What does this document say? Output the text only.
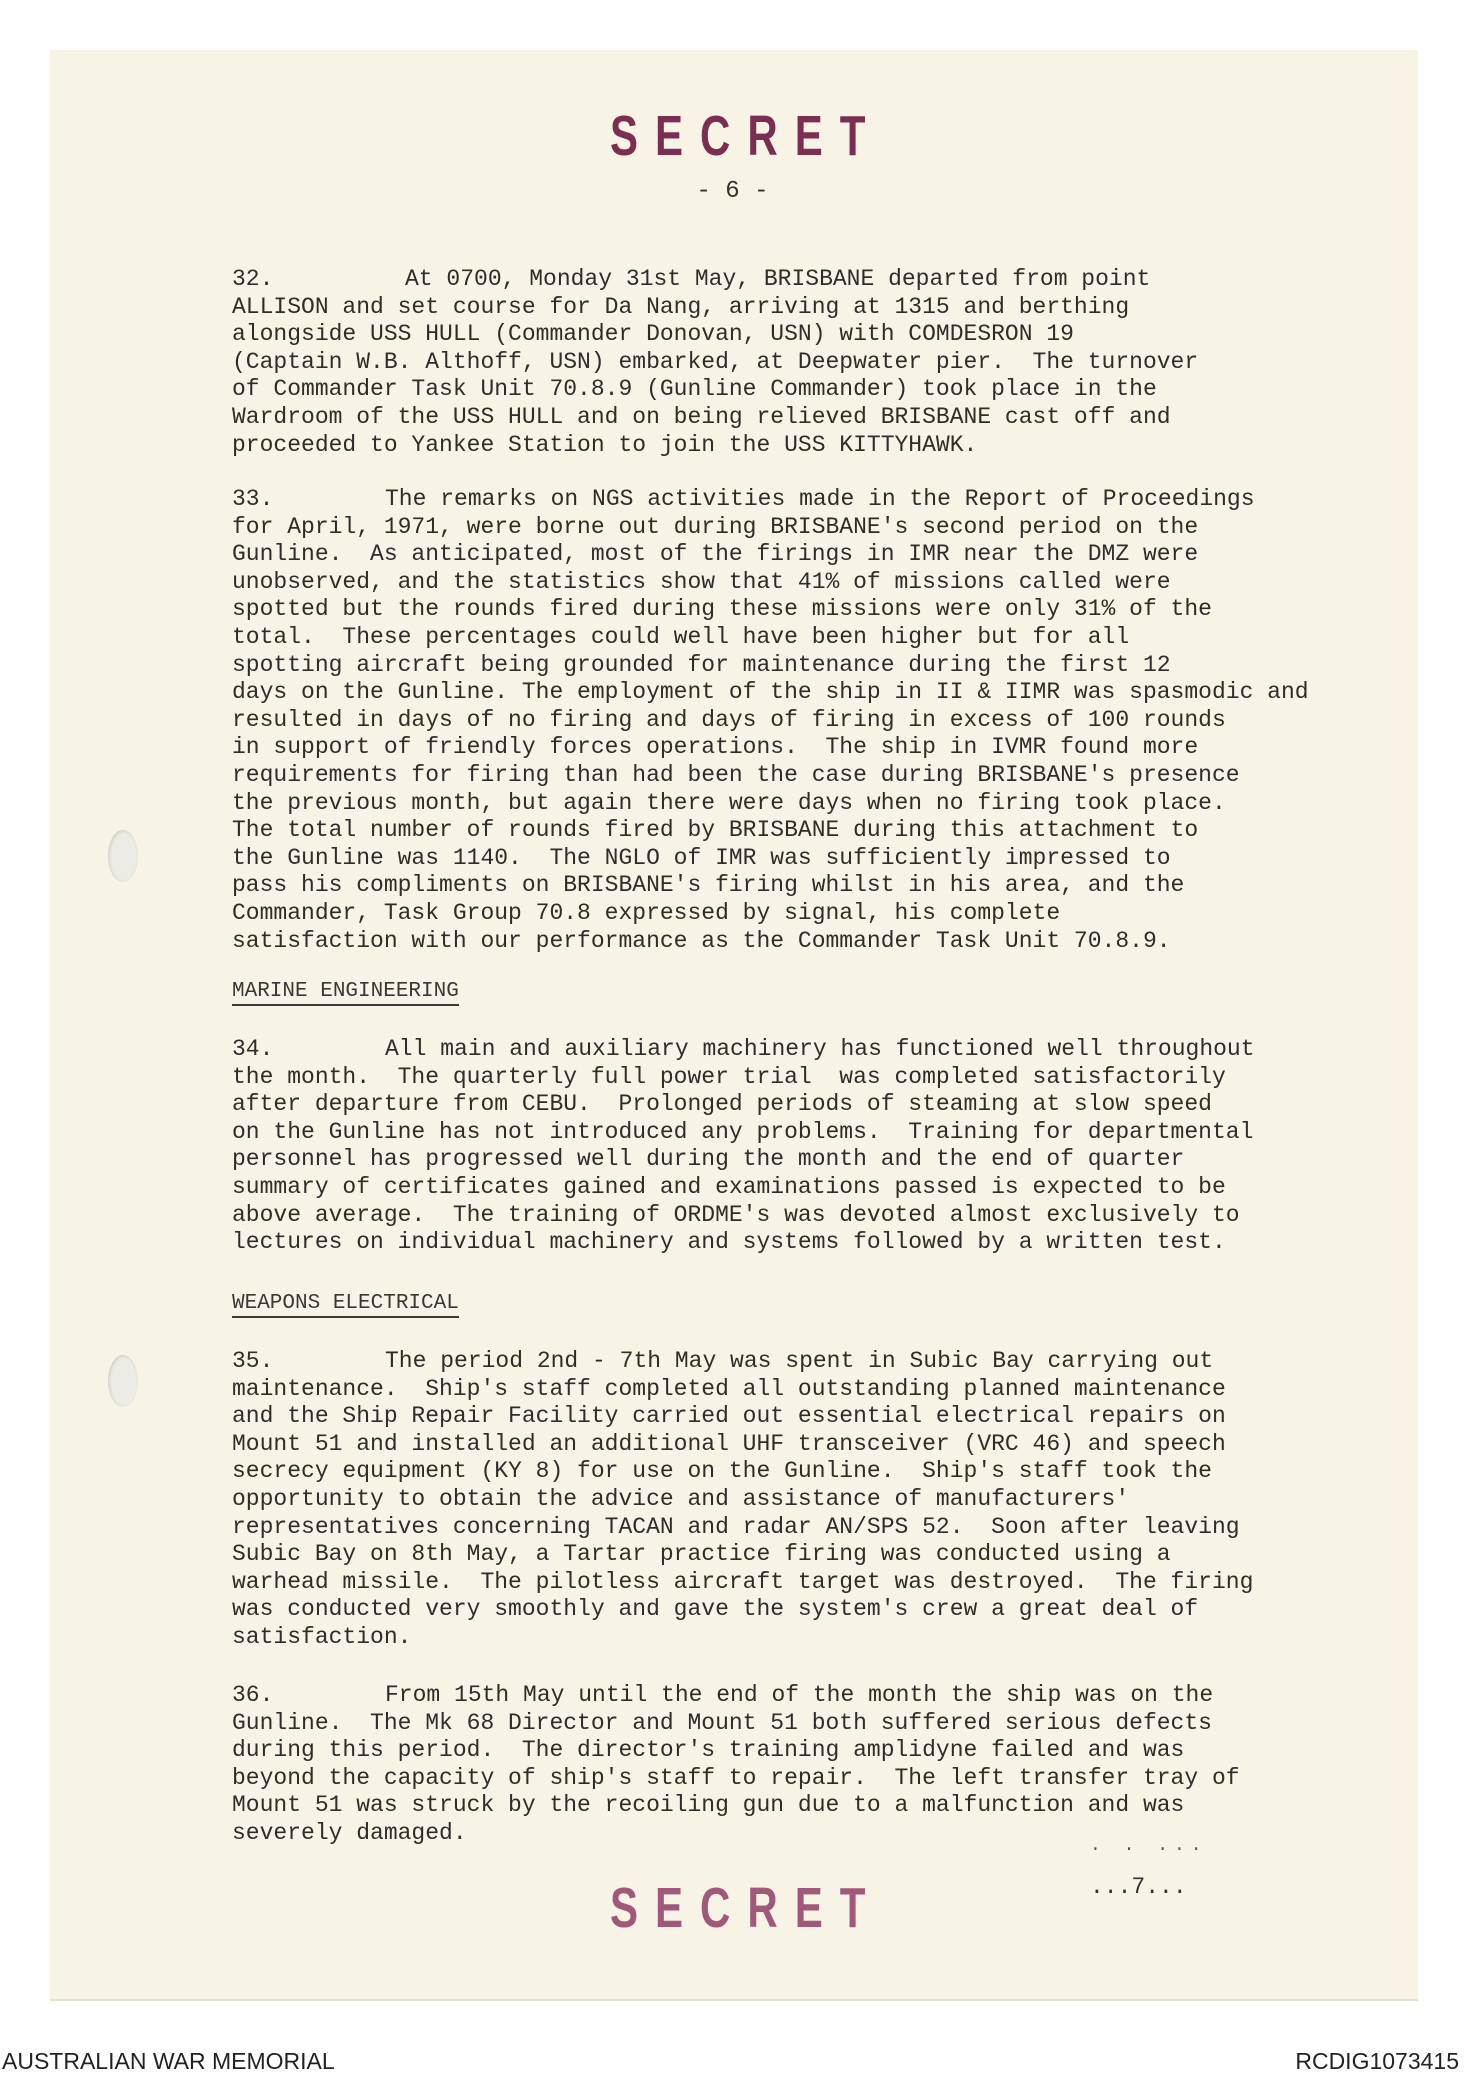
SECRET
- 6 -
32.	At 0700, Monday 31st May, BRISBANE departed from point
ALLISON and set course for Da Nang, arriving at 1315 and berthing
alongside USS HULL (Commander Donovan, USN) with COMDESRON 19
(Captain W.B. Althoff, USN) embarked, at Deepwater pier.  The turnover
of Commander Task Unit 70.8.9 (Gunline Commander) took place in the
Wardroom of the USS HULL and on being relieved BRISBANE cast off and
proceeded to Yankee Station to join the USS KITTYHAWK.
33.	The remarks on NGS activities made in the Report of Proceedings
for April, 1971, were borne out during BRISBANE's second period on the
Gunline.  As anticipated, most of the firings in IMR near the DMZ were
unobserved, and the statistics show that 41% of missions called were
spotted but the rounds fired during these missions were only 31% of the
total.  These percentages could well have been higher but for all
spotting aircraft being grounded for maintenance during the first 12
days on the Gunline. The employment of the ship in II & IIMR was spasmodic and
resulted in days of no firing and days of firing in excess of 100 rounds
in support of friendly forces operations.  The ship in IVMR found more
requirements for firing than had been the case during BRISBANE's presence
the previous month, but again there were days when no firing took place.
The total number of rounds fired by BRISBANE during this attachment to
the Gunline was 1140.  The NGLO of IMR was sufficiently impressed to
pass his compliments on BRISBANE's firing whilst in his area, and the
Commander, Task Group 70.8 expressed by signal, his complete
satisfaction with our performance as the Commander Task Unit 70.8.9.
MARINE ENGINEERING
34.	All main and auxiliary machinery has functioned well throughout
the month.  The quarterly full power trial  was completed satisfactorily
after departure from CEBU.  Prolonged periods of steaming at slow speed
on the Gunline has not introduced any problems.  Training for departmental
personnel has progressed well during the month and the end of quarter
summary of certificates gained and examinations passed is expected to be
above average.  The training of ORDME's was devoted almost exclusively to
lectures on individual machinery and systems followed by a written test.
WEAPONS ELECTRICAL
35.	The period 2nd - 7th May was spent in Subic Bay carrying out
maintenance.  Ship's staff completed all outstanding planned maintenance
and the Ship Repair Facility carried out essential electrical repairs on
Mount 51 and installed an additional UHF transceiver (VRC 46) and speech
secrecy equipment (KY 8) for use on the Gunline.  Ship's staff took the
opportunity to obtain the advice and assistance of manufacturers'
representatives concerning TACAN and radar AN/SPS 52.  Soon after leaving
Subic Bay on 8th May, a Tartar practice firing was conducted using a
warhead missile.  The pilotless aircraft target was destroyed.  The firing
was conducted very smoothly and gave the system's crew a great deal of
satisfaction.
36.	From 15th May until the end of the month the ship was on the
Gunline.  The Mk 68 Director and Mount 51 both suffered serious defects
during this period.  The director's training amplidyne failed and was
beyond the capacity of ship's staff to repair.  The left transfer tray of
Mount 51 was struck by the recoiling gun due to a malfunction and was
severely damaged.
. . ...
...7...
SECRET
AUSTRALIAN WAR MEMORIAL	RCDIG1073415
